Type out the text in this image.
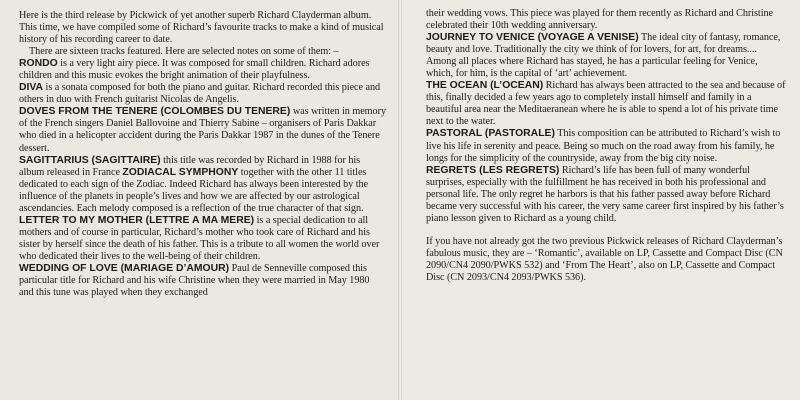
Here is the third release by Pickwick of yet another superb Richard Clayderman album. This time, we have compiled some of Richard’s favourite tracks to make a kind of musical history of his recording career to date.

There are sixteen tracks featured. Here are selected notes on some of them: –

RONDO is a very light airy piece. It was composed for small children. Richard adores children and this music evokes the bright animation of their playfulness.

DIVA is a sonata composed for both the piano and guitar. Richard recorded this piece and others in duo with French guitarist Nicolas de Angelis.

DOVES FROM THE TENERE (COLOMBES DU TENERE) was written in memory of the French singers Daniel Ballovoine and Thierry Sabine – organisers of Paris Dakkar who died in a helicopter accident during the Paris Dakkar 1987 in the dunes of the Tenere dessert.

SAGITTARIUS (SAGITTAIRE) this title was recorded by Richard in 1988 for his album released in France ZODIACAL SYMPHONY together with the other 11 titles dedicated to each sign of the Zodiac. Indeed Richard has always been interested by the influence of the planets in people’s lives and how we are affected by our astrological ascendancies. Each melody composed is a reflection of the true character of that sign.

LETTER TO MY MOTHER (LETTRE A MA MERE) is a special dedication to all mothers and of course in particular, Richard’s mother who took care of Richard and his sister by herself since the death of his father. This is a tribute to all women the world over who dedicated their lives to the well-being of their children.

WEDDING OF LOVE (MARIAGE D’AMOUR) Paul de Senneville composed this particular title for Richard and his wife Christine when they were married in May 1980 and this tune was played when they exchanged

their wedding vows. This piece was played for them recently as Richard and Christine celebrated their 10th wedding anniversary.

JOURNEY TO VENICE (VOYAGE A VENISE) The ideal city of fantasy, romance, beauty and love. Traditionally the city we think of for lovers, for art, for dreams.... Among all places where Richard has stayed, he has a particular feeling for Venice, which, for him, is the capital of ‘art’ achievement.

THE OCEAN (L’OCEAN) Richard has always been attracted to the sea and because of this, finally decided a few years ago to completely install himself and family in a beautiful area near the Meditaeranean where he is able to spend a lot of his private time next to the water.

PASTORAL (PASTORALE) This composition can be attributed to Richard’s wish to live his life in serenity and peace. Being so much on the road away from his family, he longs for the simplicity of the countryside, away from the big city noise.

REGRETS (LES REGRETS) Richard’s life has been full of many wonderful surprises, especially with the fulfillment he has received in both his professional and personal life. The only regret he harbors is that his father passed away before Richard became very successful with his career, the very same career first inspired by his father’s piano lesson given to Richard as a young child.

If you have not already got the two previous Pickwick releases of Richard Clayderman’s fabulous music, they are – ‘Romantic’, available on LP, Cassette and Compact Disc (CN 2090/CN4 2090/PWKS 532) and ‘From The Heart’, also on LP, Cassette and Compact Disc (CN 2093/CN4 2093/PWKS 536).
